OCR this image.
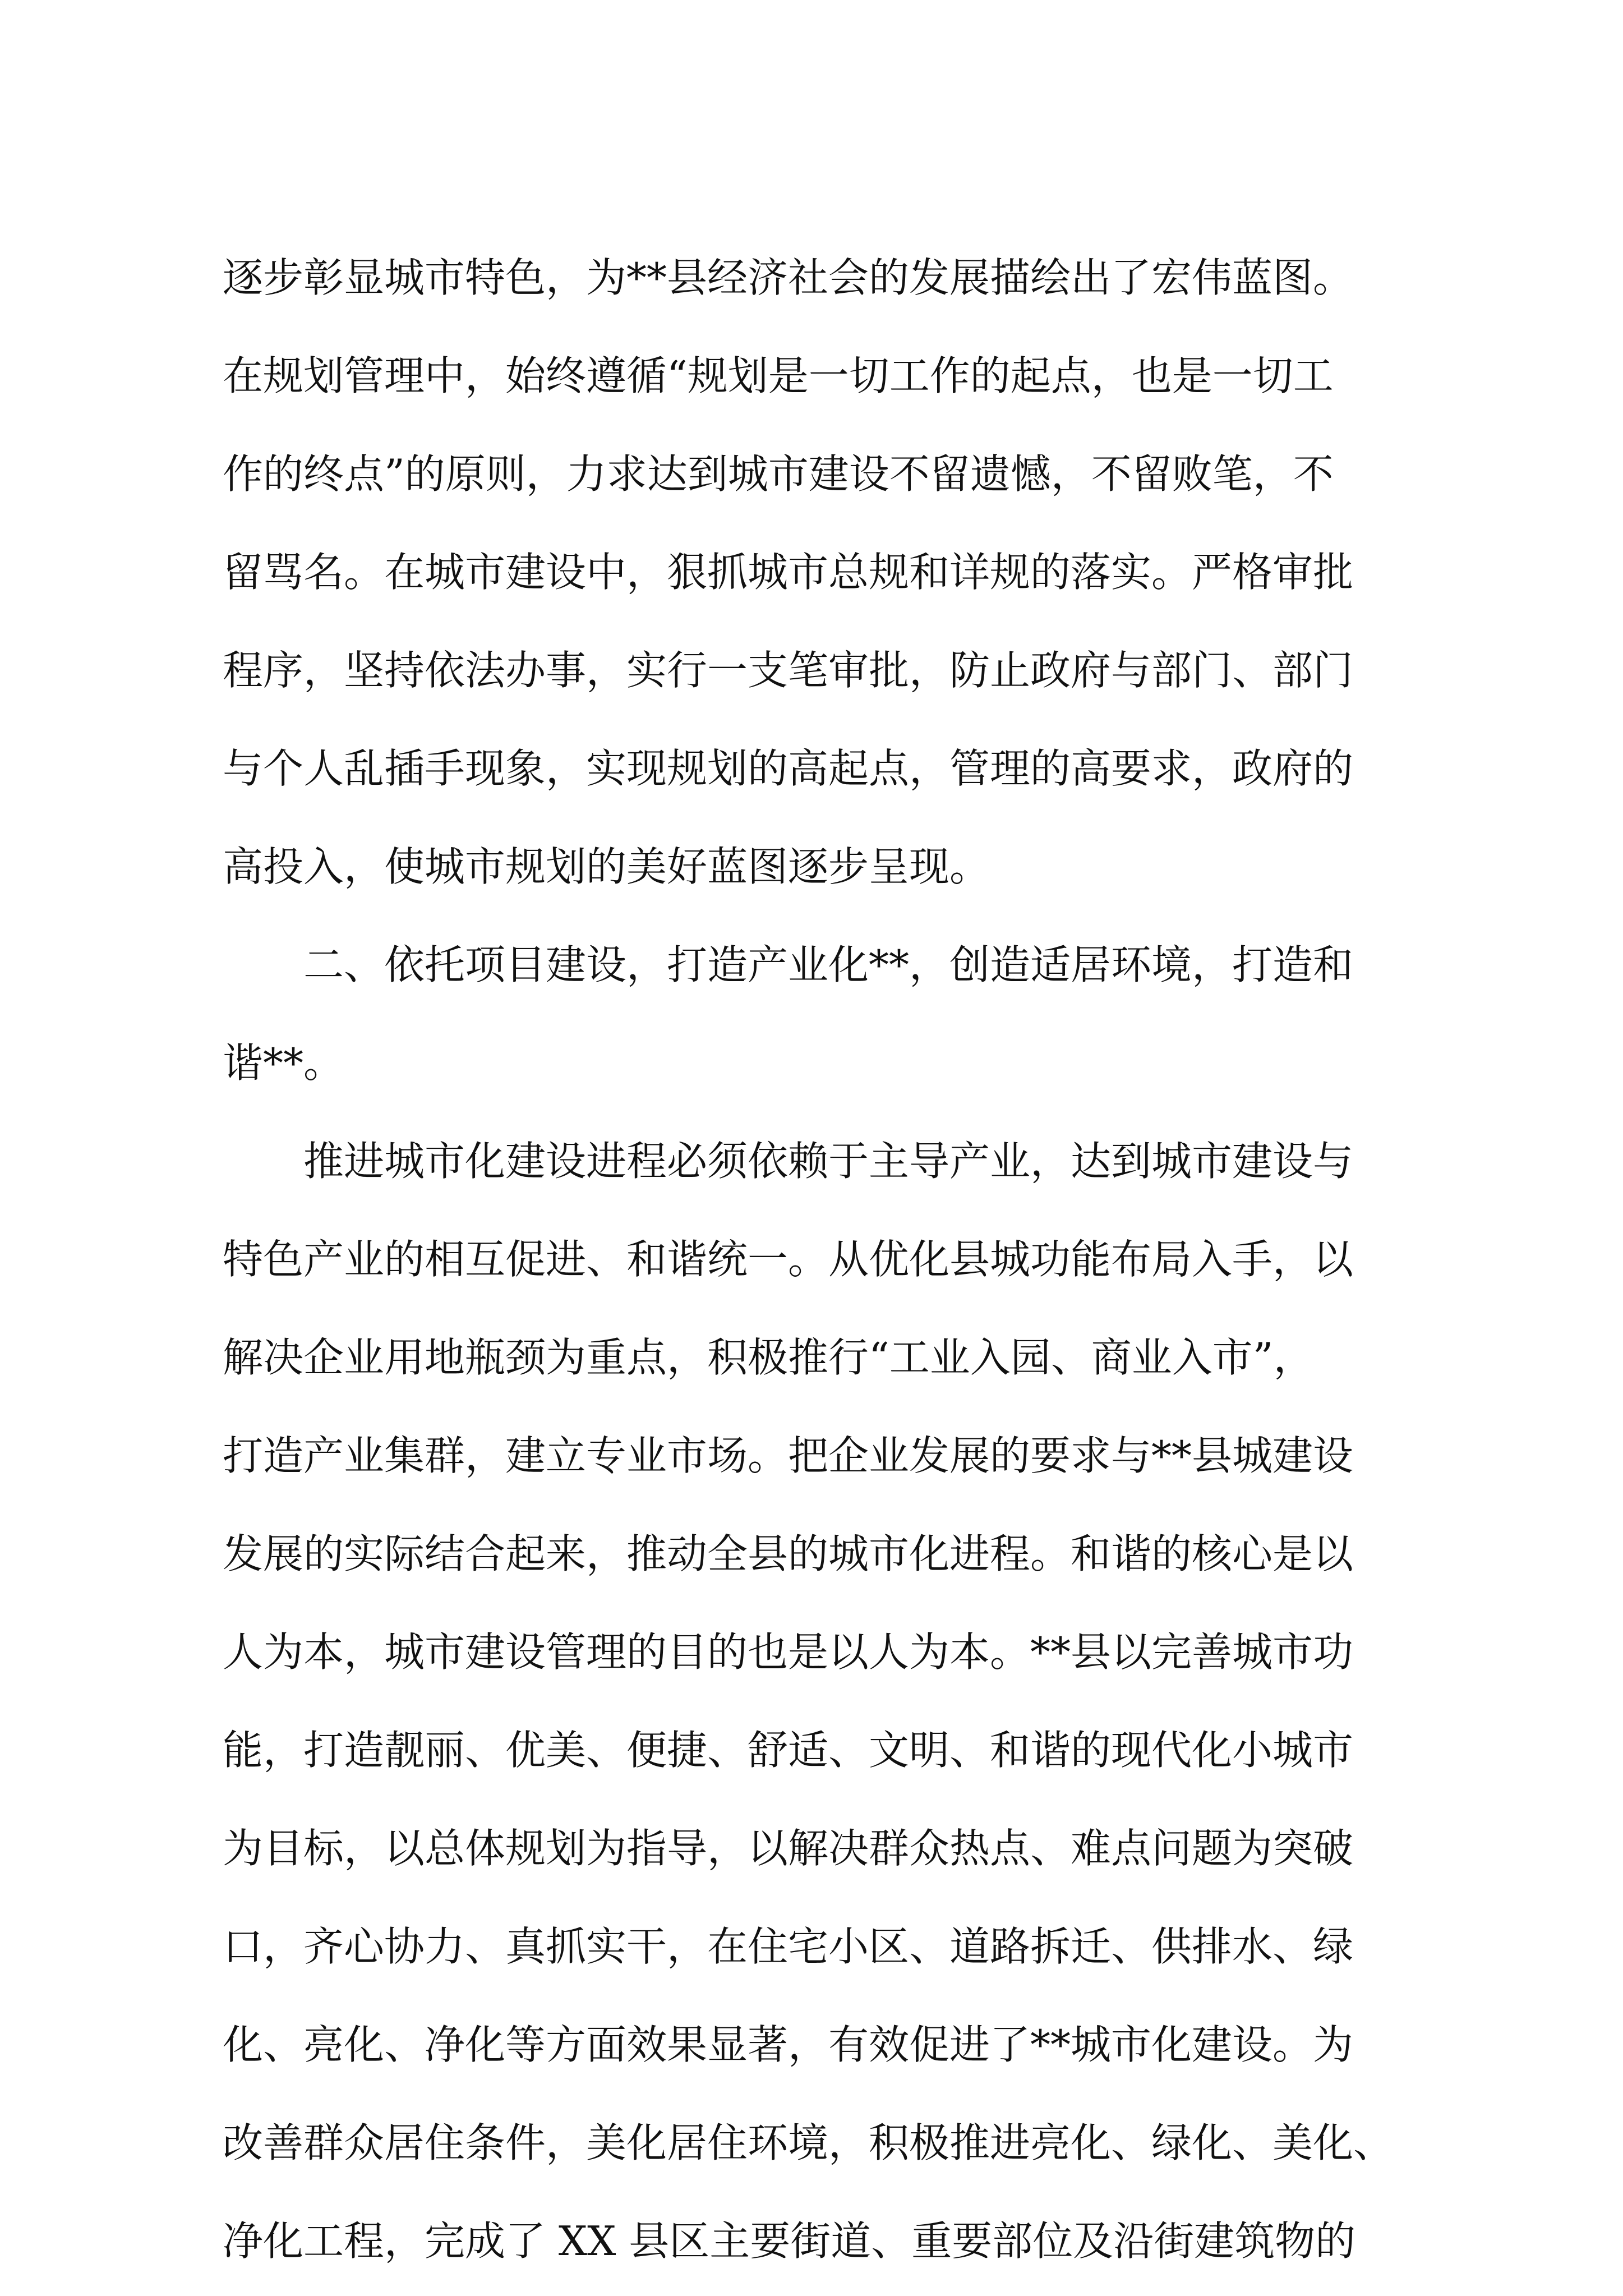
逐步彰显城市特色，为**县经济社会的发展描绘出了宏伟蓝图。
在规划管理中，始终遵循“规划是一切工作的起点，也是一切工
作的终点”的原则，力求达到城市建设不留遗憾，不留败笔，不
留骂名。在城市建设中，狠抓城市总规和详规的落实。严格审批
程序，坚持依法办事，实行一支笔审批，防止政府与部门、部门
与个人乱插手现象，实现规划的高起点，管理的高要求，政府的
高投入，使城市规划的美好蓝图逐步呈现。
二、依托项目建设，打造产业化**，创造适居环境，打造和
谐**。
推进城市化建设进程必须依赖于主导产业，达到城市建设与
特色产业的相互促进、和谐统一。从优化县城功能布局入手，以
解决企业用地瓶颈为重点，积极推行“工业入园、商业入市”，
打造产业集群，建立专业市场。把企业发展的要求与**县城建设
发展的实际结合起来，推动全县的城市化进程。和谐的核心是以
人为本，城市建设管理的目的也是以人为本。**县以完善城市功
能，打造靓丽、优美、便捷、舒适、文明、和谐的现代化小城市
为目标，以总体规划为指导，以解决群众热点、难点问题为突破
口，齐心协力、真抓实干，在住宅小区、道路拆迁、供排水、绿
化、亮化、净化等方面效果显著，有效促进了**城市化建设。为
改善群众居住条件，美化居住环境，积极推进亮化、绿化、美化、
净化工程，完成了 XX 县区主要街道、重要部位及沿街建筑物的
